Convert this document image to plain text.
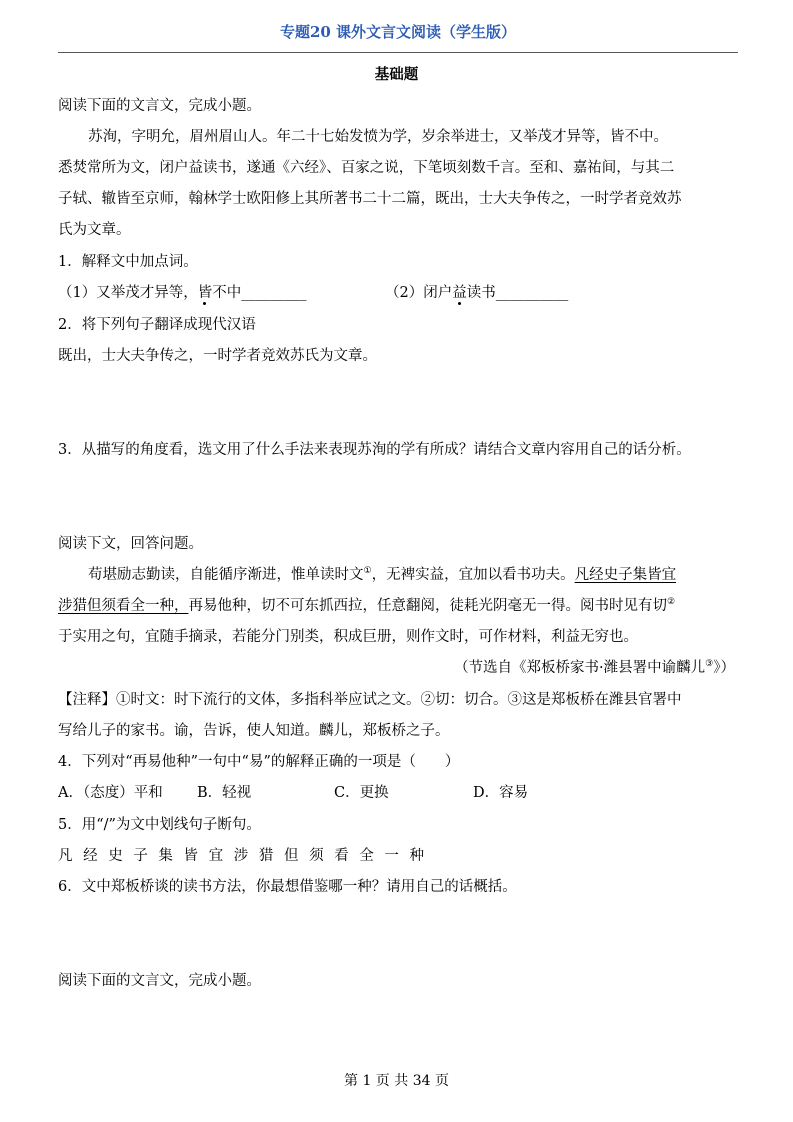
专题20 课外文言文阅读（学生版）
基础题
阅读下面的文言文，完成小题。
苏洵，字明允，眉州眉山人。年二十七始发愤为学，岁余举进士，又举茂才异等，皆不中。
悉焚常所为文，闭户益读书，遂通《六经》、百家之说，下笔顷刻数千言。至和、嘉祐间，与其二
子轼、辙皆至京师，翰林学士欧阳修上其所著书二十二篇，既出，士大夫争传之，一时学者竞效苏
氏为文章。
1．解释文中加点词。
（1）又举茂才异等，皆不中_________	（2）闭户益读书__________
2．将下列句子翻译成现代汉语
既出，士大夫争传之，一时学者竞效苏氏为文章。
3．从描写的角度看，选文用了什么手法来表现苏洵的学有所成？请结合文章内容用自己的话分析。
阅读下文，回答问题。
苟堪励志勤读，自能循序渐进，惟单读时文①，无裨实益，宜加以看书功夫。凡经史子集皆宜
涉猎但须看全一种，再易他种，切不可东抓西拉，任意翻阅，徒耗光阴毫无一得。阅书时见有切②
于实用之句，宜随手摘录，若能分门别类，积成巨册，则作文时，可作材料，利益无穷也。
（节选自《郑板桥家书·潍县署中谕麟儿③》）
【注释】①时文：时下流行的文体，多指科举应试之文。②切：切合。③这是郑板桥在潍县官署中
写给儿子的家书。谕，告诉，使人知道。麟儿，郑板桥之子。
4．下列对“再易他种”一句中“易”的解释正确的一项是（　　）
A．（态度）平和 B．轻视	C．更换	D．容易
5．用“/”为文中划线句子断句。
凡 经 史 子 集 皆 宜 涉 猎 但 须 看 全 一 种
6．文中郑板桥谈的读书方法，你最想借鉴哪一种？请用自己的话概括。
阅读下面的文言文，完成小题。
第 1 页 共 34 页
